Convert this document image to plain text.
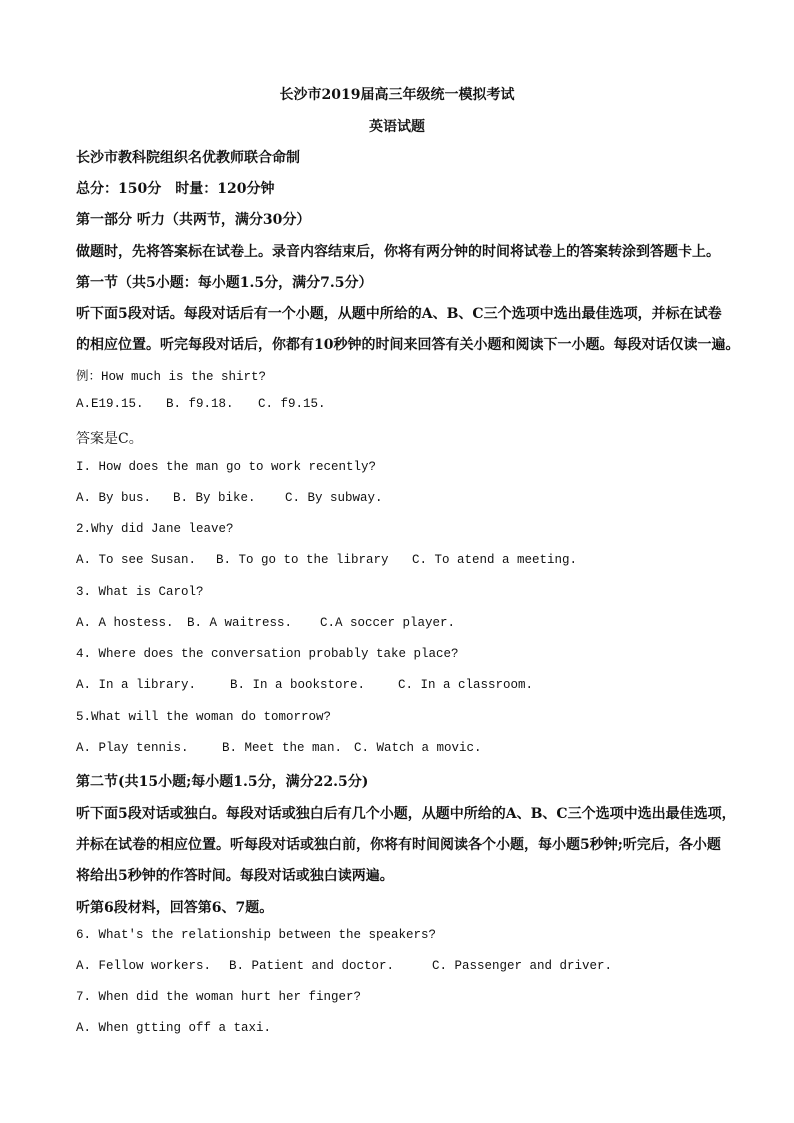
长沙市2019届高三年级统一模拟考试
英语试题
长沙市教科院组织名优教师联合命制
总分：150分　时量：120分钟
第一部分 听力（共两节，满分30分）
做题时，先将答案标在试卷上。录音内容结束后，你将有两分钟的时间将试卷上的答案转涂到答题卡上。
第一节（共5小题：每小题1.5分，满分7.5分）
听下面5段对话。每段对话后有一个小题，从题中所给的A、B、C三个选项中选出最佳选项，并标在试卷
的相应位置。听完每段对话后，你都有10秒钟的时间来回答有关小题和阅读下一小题。每段对话仅读一遍。
例：How much is the shirt?
A.E19.15. B. f9.18. C. f9.15.
答案是C。
I. How does the man go to work recently?
A. By bus. B. By bike. C. By subway.
2.Why did Jane leave?
A. To see Susan. B. To go to the library C. To atend a meeting.
3. What is Carol?
A. A hostess. B. A waitress. C.A soccer player.
4. Where does the conversation probably take place?
A. In a library.	B. In a bookstore.	C. In a classroom.
5.What will the woman do tomorrow?
A. Play tennis.	B. Meet the man. C. Watch a movic.
第二节(共15小题;每小题1.5分，满分22.5分)
听下面5段对话或独白。每段对话或独白后有几个小题，从题中所给的A、B、C三个选项中选出最佳选项，
并标在试卷的相应位置。听每段对话或独白前，你将有时间阅读各个小题，每小题5秒钟;听完后，各小题
将给出5秒钟的作答时间。每段对话或独白读两遍。
听第6段材料，回答第6、7题。
6. What's the relationship between the speakers?
A. Fellow workers. B. Patient and doctor.	C. Passenger and driver.
7. When did the woman hurt her finger?
A. When gtting off a taxi.
